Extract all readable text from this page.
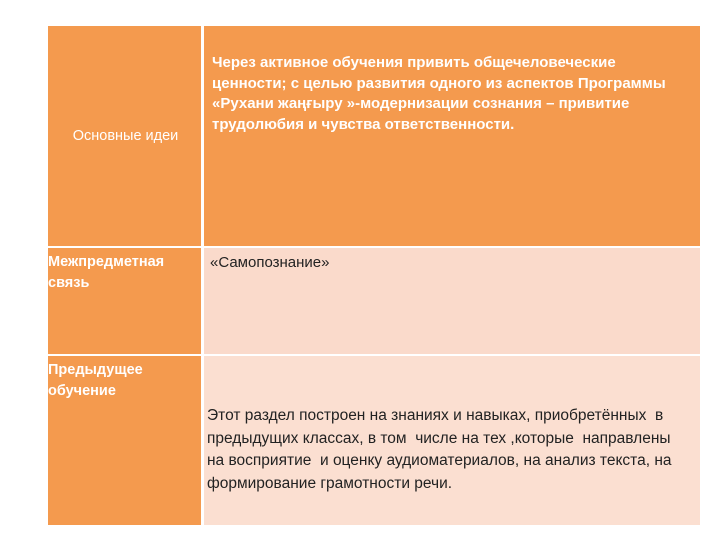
Основные идеи
Через активное обучения привить общечеловеческие ценности; с целью развития одного из аспектов Программы  «Рухани жаңғыру »-модернизации сознания – привитие трудолюбия и чувства ответственности.
Межпредметная связь
«Самопознание»
Предыдущее обучение

Этот раздел построен на знаниях и навыках, приобретённых  в предыдущих классах, в том  числе на тех ,которые  направлены на восприятие  и оценку аудиоматериалов, на анализ текста, на формирование грамотности речи.
